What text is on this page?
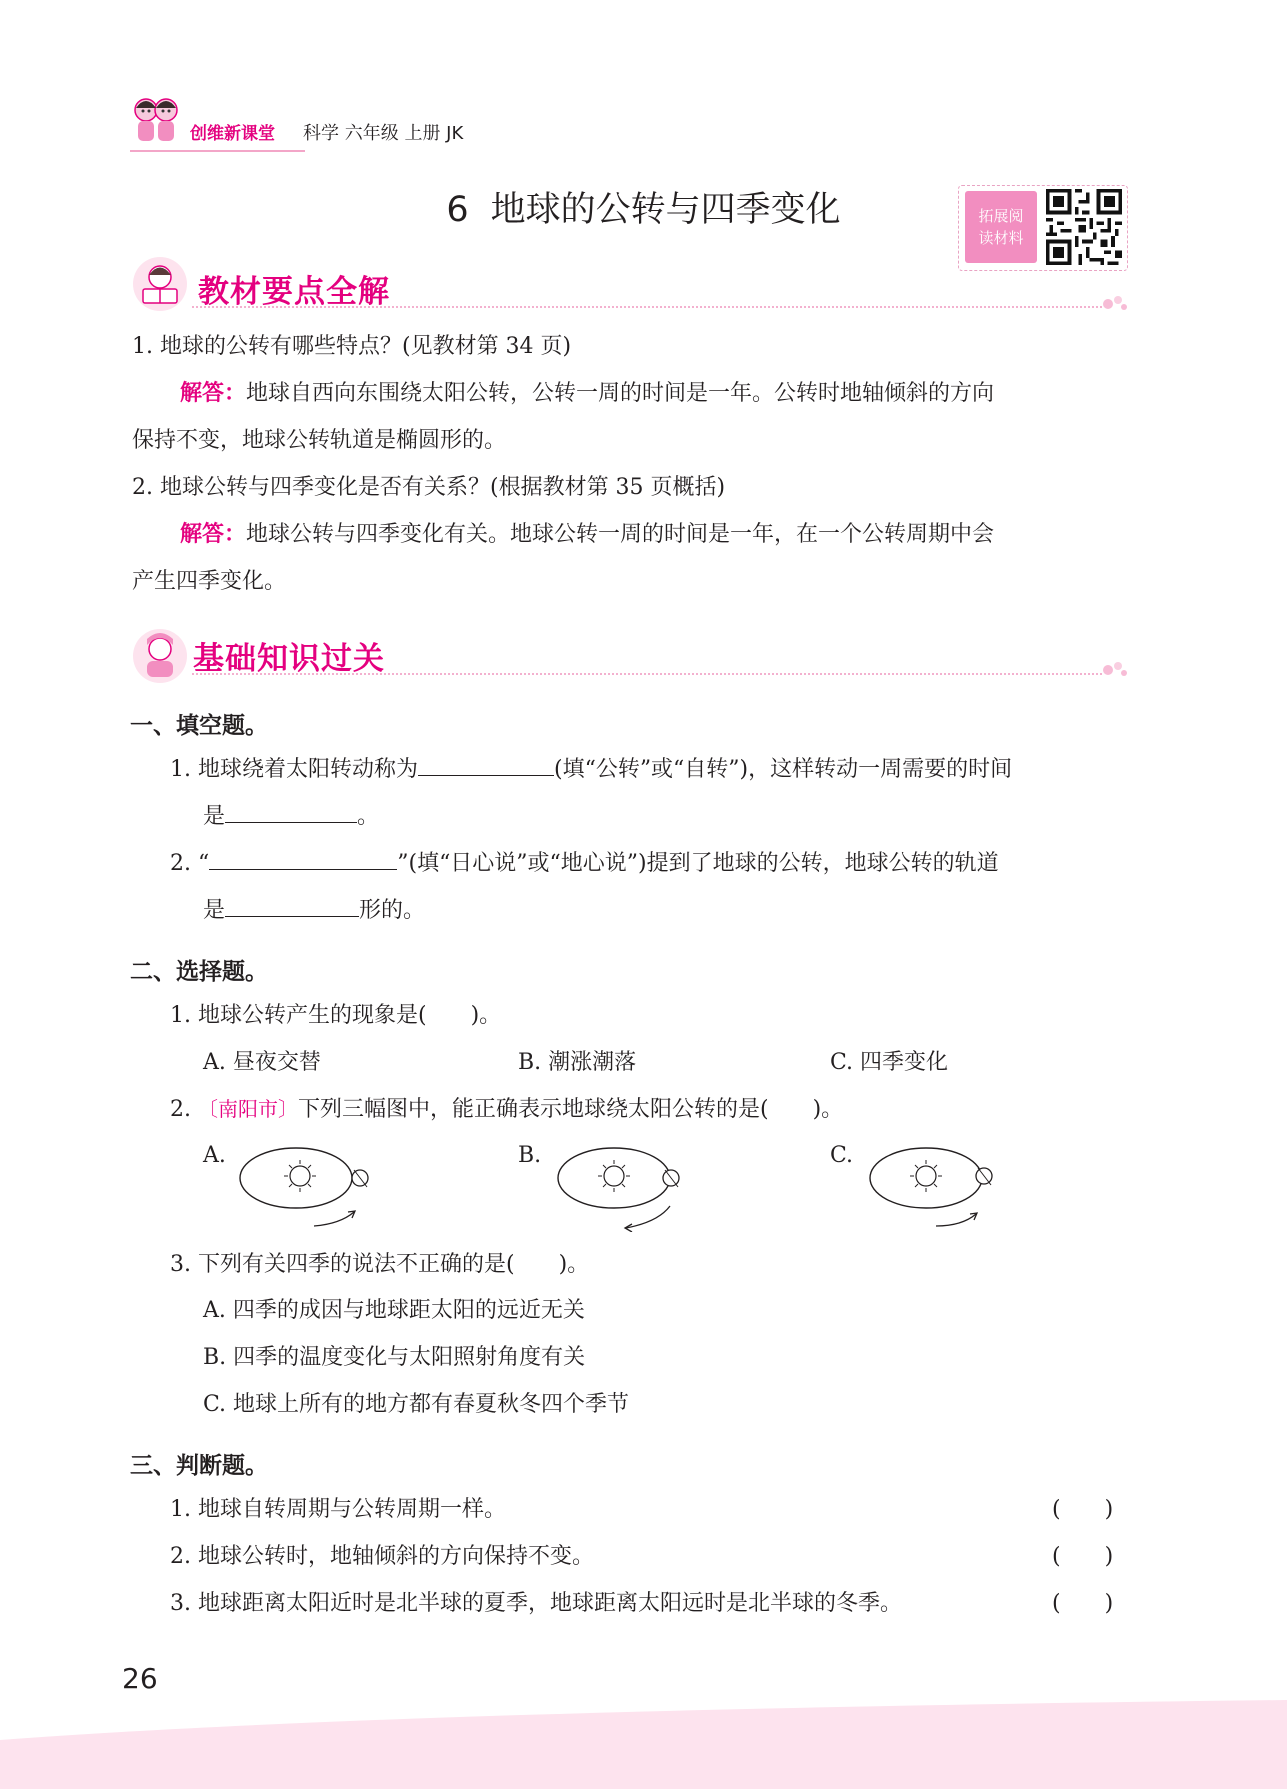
创维新课堂 科学 六年级 上册 JK
6 地球的公转与四季变化	拓展阅读材料
教材要点全解
1. 地球的公转有哪些特点？(见教材第 34 页)
解答：地球自西向东围绕太阳公转，公转一周的时间是一年。公转时地轴倾斜的方向
保持不变，地球公转轨道是椭圆形的。
2. 地球公转与四季变化是否有关系？(根据教材第 35 页概括)
解答：地球公转与四季变化有关。地球公转一周的时间是一年，在一个公转周期中会
产生四季变化。
基础知识过关
一、填空题。
1. 地球绕着太阳转动称为	(填“公转”或“自转”)，这样转动一周需要的时间
是	。
2. “	”(填“日心说”或“地心说”)提到了地球的公转，地球公转的轨道
是	形的。
二、选择题。
1. 地球公转产生的现象是(　　)。
A. 昼夜交替	B. 潮涨潮落	C. 四季变化
2. 〔南阳市〕下列三幅图中，能正确表示地球绕太阳公转的是(　　)。
A.	B.	C.
3. 下列有关四季的说法不正确的是(　　)。
A. 四季的成因与地球距太阳的远近无关
B. 四季的温度变化与太阳照射角度有关
C. 地球上所有的地方都有春夏秋冬四个季节
三、判断题。
1. 地球自转周期与公转周期一样。	(　　)
2. 地球公转时，地轴倾斜的方向保持不变。	(　　)
3. 地球距离太阳近时是北半球的夏季，地球距离太阳远时是北半球的冬季。	(　　)
26
